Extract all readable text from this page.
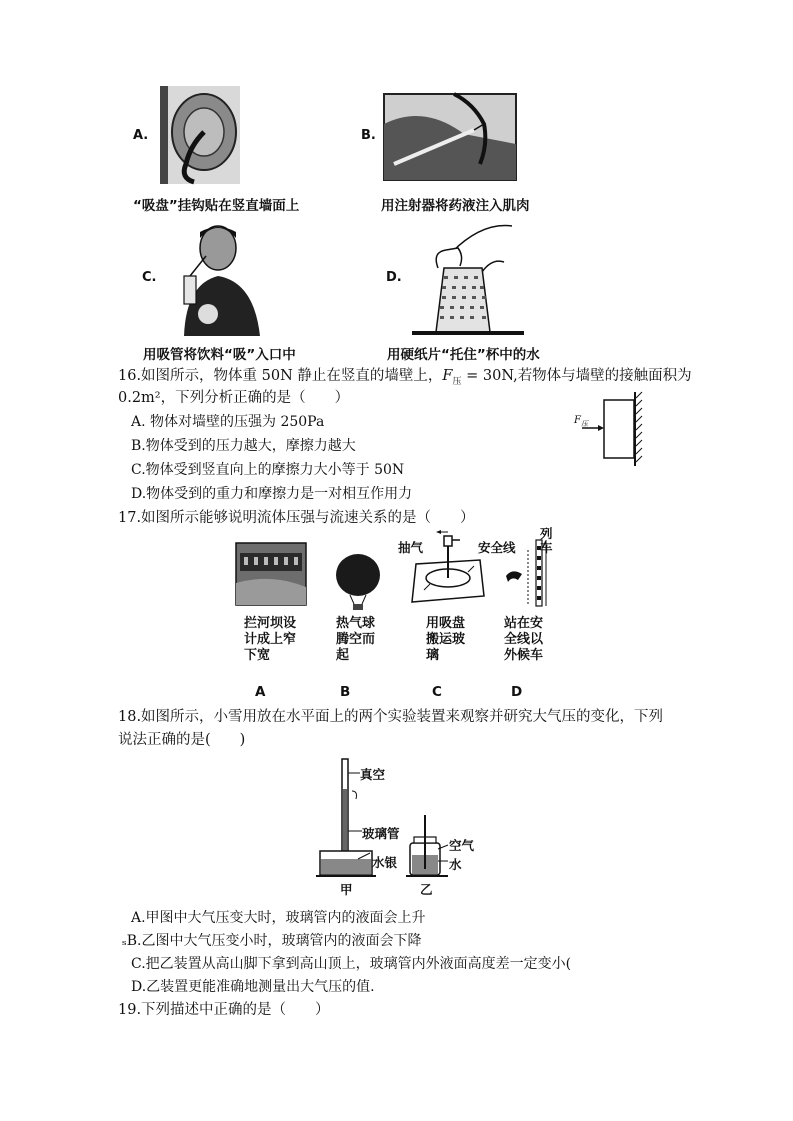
A.
“吸盘”挂钩贴在竖直墙面上
B.
用注射器将药液注入肌肉
C.
用吸管将饮料“吸”入口中
D.
用硬纸片“托住”杯中的水
16.如图所示，物体重 50N 静止在竖直的墙壁上，$F_压 = 30N$,若物体与墙壁的接触面积为
0.2m²，下列分析正确的是（　　）
A. 物体对墙壁的压强为 250Pa
B.物体受到的压力越大，摩擦力越大
C.物体受到竖直向上的摩擦力大小等于 50N
D.物体受到的重力和摩擦力是一对相互作用力
$F_压$
17.如图所示能够说明流体压强与流速关系的是（　　）
抽气	安全线
列车
拦河坝设
计成上窄
下宽
热气球
腾空而
起
用吸盘
搬运玻
璃
站在安
全线以
外候车
A	B	C	D
18.如图所示，小雪用放在水平面上的两个实验装置来观察并研究大气压的变化，下列
说法正确的是(　　)
真空
玻璃管
水银
空气
水
甲	乙
A.甲图中大气压变大时，玻璃管内的液面会上升
ₛB.乙图中大气压变小时，玻璃管内的液面会下降
C.把乙装置从高山脚下拿到高山顶上，玻璃管内外液面高度差一定变小(
D.乙装置更能准确地测量出大气压的值.
19.下列描述中正确的是（　　）
